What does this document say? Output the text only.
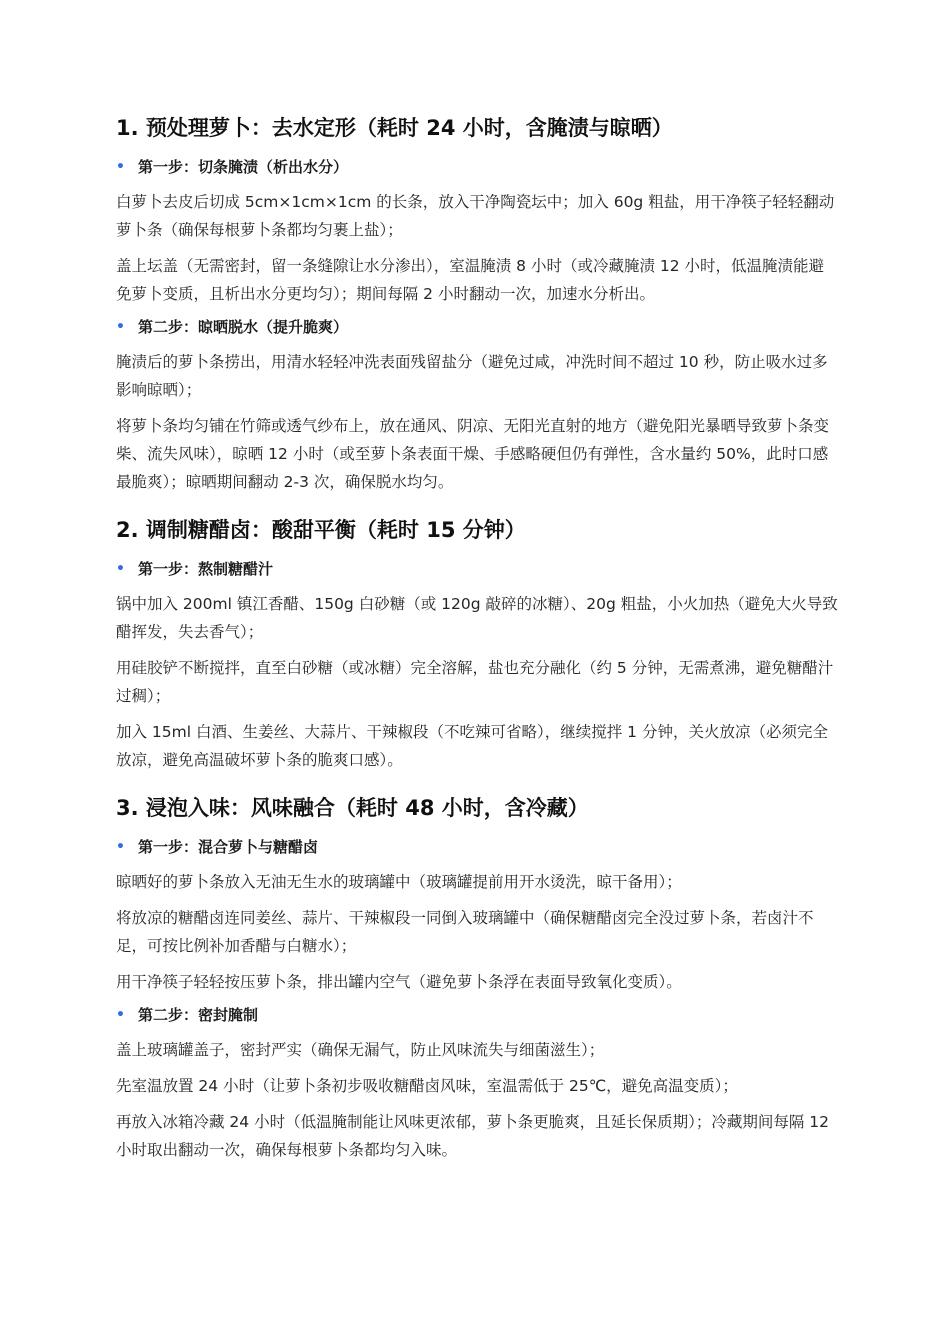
1. 预处理萝卜：去水定形（耗时 24 小时，含腌渍与晾晒）
• 第一步：切条腌渍（析出水分）

白萝卜去皮后切成 5cm×1cm×1cm 的长条，放入干净陶瓷坛中；加入 60g 粗盐，用干净筷子轻轻翻动萝卜条（确保每根萝卜条都均匀裹上盐）；

盖上坛盖（无需密封，留一条缝隙让水分渗出），室温腌渍 8 小时（或冷藏腌渍 12 小时，低温腌渍能避免萝卜变质，且析出水分更均匀）；期间每隔 2 小时翻动一次，加速水分析出。

• 第二步：晾晒脱水（提升脆爽）

腌渍后的萝卜条捞出，用清水轻轻冲洗表面残留盐分（避免过咸，冲洗时间不超过 10 秒，防止吸水过多影响晾晒）；

将萝卜条均匀铺在竹筛或透气纱布上，放在通风、阴凉、无阳光直射的地方（避免阳光暴晒导致萝卜条变柴、流失风味），晾晒 12 小时（或至萝卜条表面干燥、手感略硬但仍有弹性，含水量约 50%，此时口感最脆爽）；晾晒期间翻动 2-3 次，确保脱水均匀。

2. 调制糖醋卤：酸甜平衡（耗时 15 分钟）
• 第一步：熬制糖醋汁

锅中加入 200ml 镇江香醋、150g 白砂糖（或 120g 敲碎的冰糖）、20g 粗盐，小火加热（避免大火导致醋挥发，失去香气）；

用硅胶铲不断搅拌，直至白砂糖（或冰糖）完全溶解，盐也充分融化（约 5 分钟，无需煮沸，避免糖醋汁过稠）；

加入 15ml 白酒、生姜丝、大蒜片、干辣椒段（不吃辣可省略），继续搅拌 1 分钟，关火放凉（必须完全放凉，避免高温破坏萝卜条的脆爽口感）。

3. 浸泡入味：风味融合（耗时 48 小时，含冷藏）
• 第一步：混合萝卜与糖醋卤

晾晒好的萝卜条放入无油无生水的玻璃罐中（玻璃罐提前用开水烫洗，晾干备用）；

将放凉的糖醋卤连同姜丝、蒜片、干辣椒段一同倒入玻璃罐中（确保糖醋卤完全没过萝卜条，若卤汁不足，可按比例补加香醋与白糖水）；

用干净筷子轻轻按压萝卜条，排出罐内空气（避免萝卜条浮在表面导致氧化变质）。

• 第二步：密封腌制

盖上玻璃罐盖子，密封严实（确保无漏气，防止风味流失与细菌滋生）；

先室温放置 24 小时（让萝卜条初步吸收糖醋卤风味，室温需低于 25℃，避免高温变质）；

再放入冰箱冷藏 24 小时（低温腌制能让风味更浓郁，萝卜条更脆爽，且延长保质期）；冷藏期间每隔 12 小时取出翻动一次，确保每根萝卜条都均匀入味。
